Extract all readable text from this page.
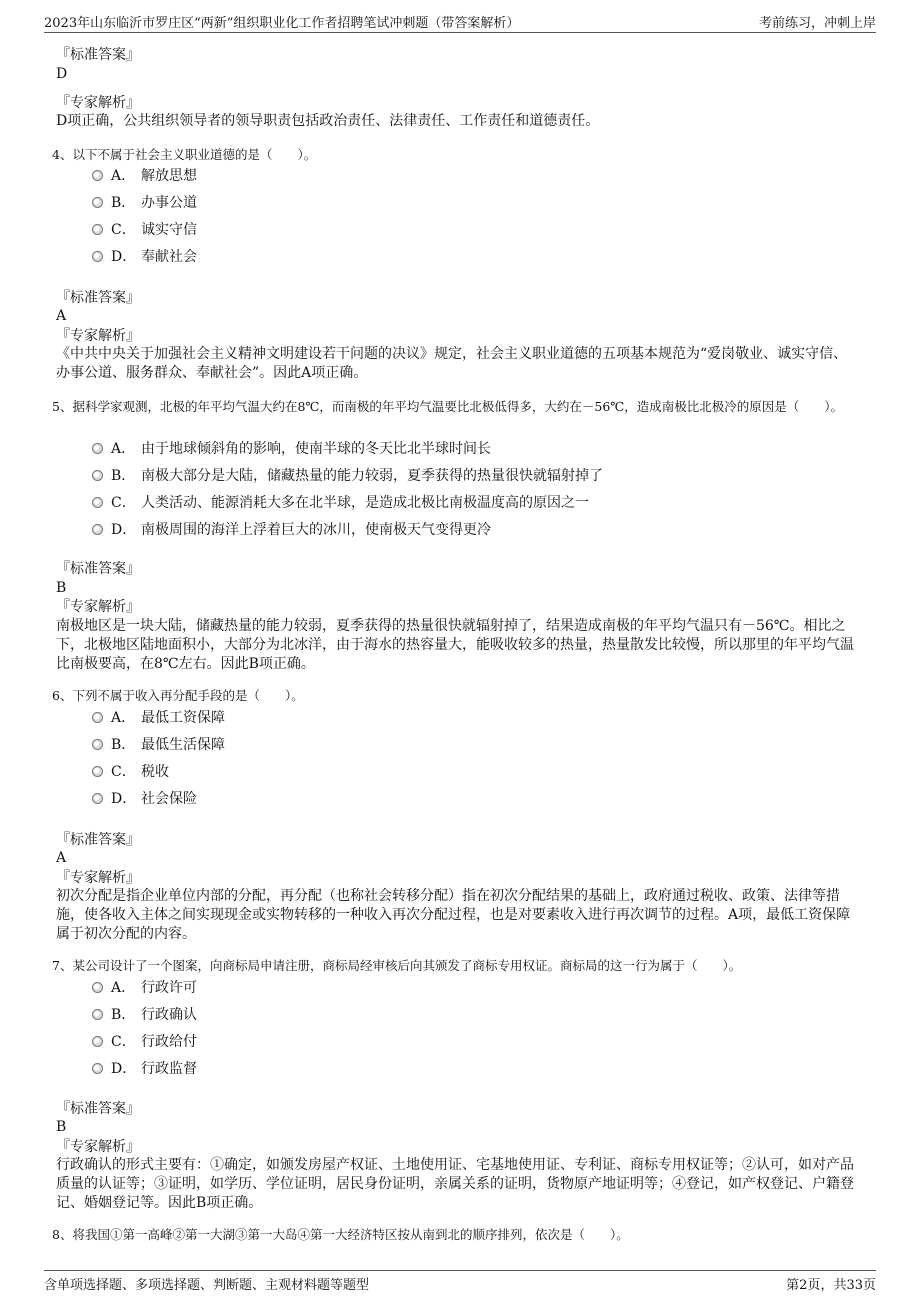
2023年山东临沂市罗庄区“两新”组织职业化工作者招聘笔试冲刺题（带答案解析）	考前练习，冲刺上岸
『标准答案』
D
『专家解析』
D项正确，公共组织领导者的领导职责包括政治责任、法律责任、工作责任和道德责任。
4、以下不属于社会主义职业道德的是（　　）。
A． 解放思想
B． 办事公道
C． 诚实守信
D． 奉献社会
『标准答案』
A
『专家解析』
《中共中央关于加强社会主义精神文明建设若干问题的决议》规定，社会主义职业道德的五项基本规范为“爱岗敬业、诚实守信、办事公道、服务群众、奉献社会”。因此A项正确。
5、据科学家观测，北极的年平均气温大约在8℃，而南极的年平均气温要比北极低得多，大约在－56℃，造成南极比北极冷的原因是（　　）。
A． 由于地球倾斜角的影响，使南半球的冬天比北半球时间长
B． 南极大部分是大陆，储藏热量的能力较弱，夏季获得的热量很快就辐射掉了
C． 人类活动、能源消耗大多在北半球，是造成北极比南极温度高的原因之一
D． 南极周围的海洋上浮着巨大的冰川，使南极天气变得更冷
『标准答案』
B
『专家解析』
南极地区是一块大陆，储藏热量的能力较弱，夏季获得的热量很快就辐射掉了，结果造成南极的年平均气温只有－56℃。相比之下，北极地区陆地面积小，大部分为北冰洋，由于海水的热容量大，能吸收较多的热量，热量散发比较慢，所以那里的年平均气温比南极要高，在8℃左右。因此B项正确。
6、下列不属于收入再分配手段的是（　　）。
A． 最低工资保障
B． 最低生活保障
C． 税收
D． 社会保险
『标准答案』
A
『专家解析』
初次分配是指企业单位内部的分配，再分配（也称社会转移分配）指在初次分配结果的基础上，政府通过税收、政策、法律等措施，使各收入主体之间实现现金或实物转移的一种收入再次分配过程，也是对要素收入进行再次调节的过程。A项，最低工资保障属于初次分配的内容。
7、某公司设计了一个图案，向商标局申请注册，商标局经审核后向其颁发了商标专用权证。商标局的这一行为属于（　　）。
A． 行政许可
B． 行政确认
C． 行政给付
D． 行政监督
『标准答案』
B
『专家解析』
行政确认的形式主要有：①确定，如颁发房屋产权证、土地使用证、宅基地使用证、专利证、商标专用权证等；②认可，如对产品质量的认证等；③证明，如学历、学位证明，居民身份证明，亲属关系的证明，货物原产地证明等；④登记，如产权登记、户籍登记、婚姻登记等。因此B项正确。
8、将我国①第一高峰②第一大湖③第一大岛④第一大经济特区按从南到北的顺序排列，依次是（　　）。
含单项选择题、多项选择题、判断题、主观材料题等题型	第2页，共33页
